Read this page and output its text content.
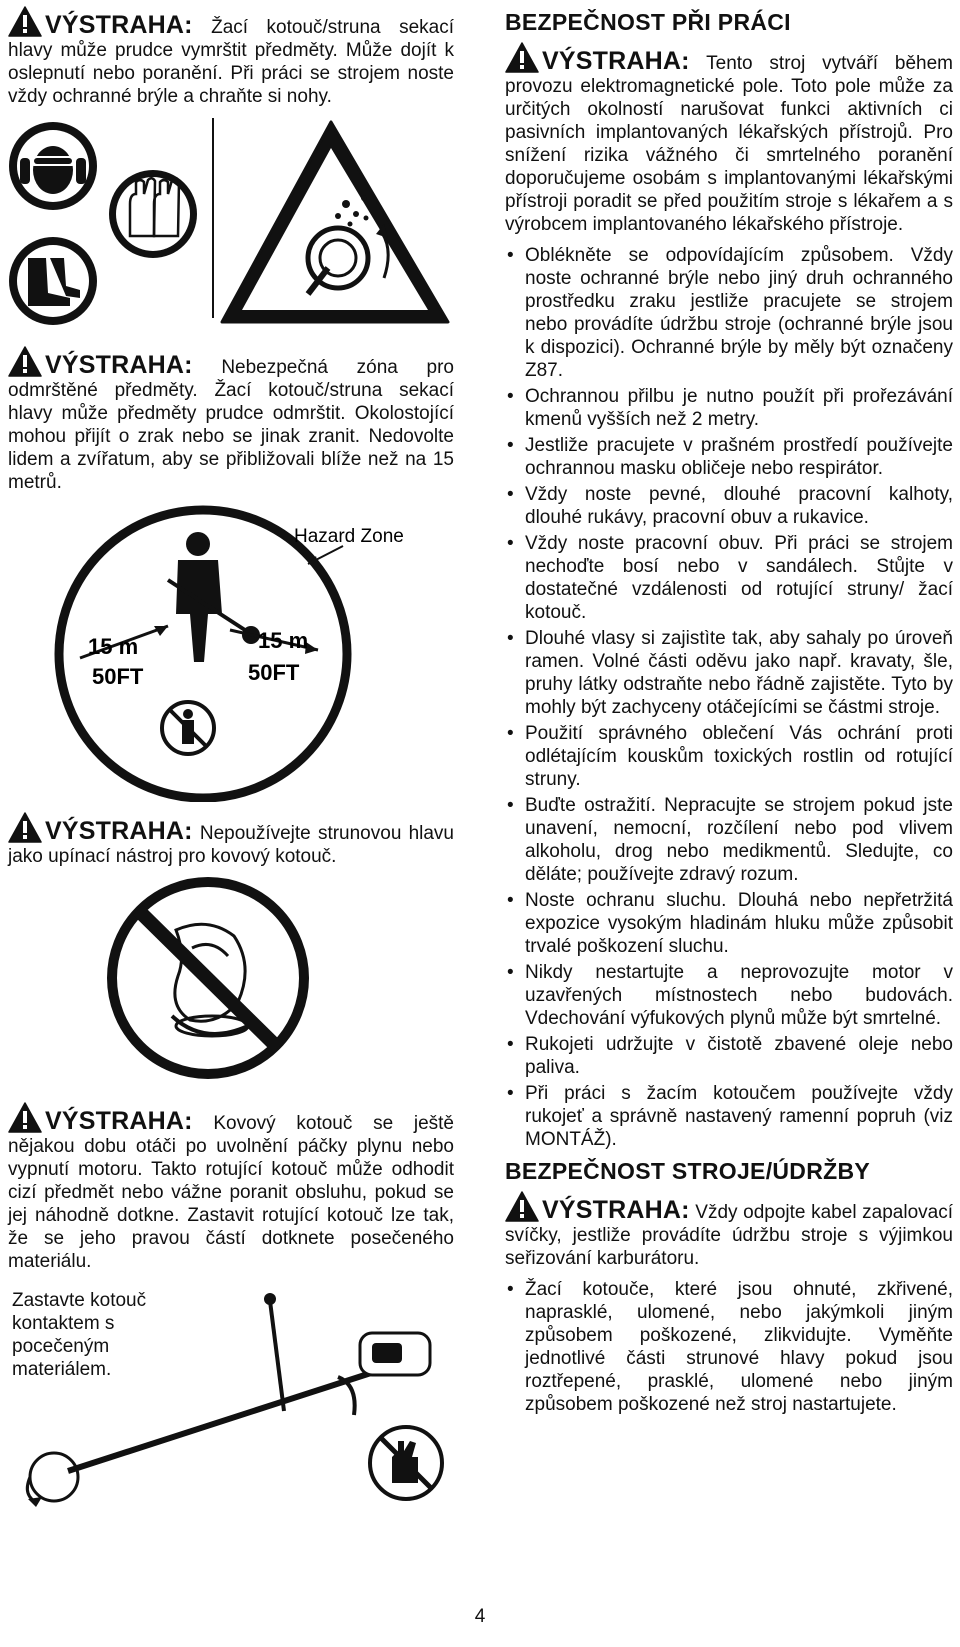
VÝSTRAHA: Žací kotouč/struna sekací hlavy může prudce vymrštit předměty. Může dojít k oslepnutí nebo poranění. Při práci se strojem noste vždy ochranné brýle a chraňte si nohy.

VÝSTRAHA: Nebezpečná zóna pro odmrštěné předměty. Žací kotouč/struna sekací hlavy může předměty prudce odmrštit. Okolostojící mohou přijít o zrak nebo se jinak zranit. Nedovolte lidem a zvířatum, aby se přibližovali blíže než na 15 metrů.

Hazard Zone
15 m
50FT
15 m
50FT

VÝSTRAHA: Nepoužívejte strunovou hlavu jako upínací nástroj pro kovový kotouč.

VÝSTRAHA: Kovový kotouč se ještě nějakou dobu otáči po uvolnění páčky plynu nebo vypnutí motoru. Takto rotující kotouč může odhodit cizí předmět nebo vážne poranit obsluhu, pokud se jej náhodně dotkne. Zastavit rotující kotouč lze tak, že se jeho pravou částí dotknete posečeného materiálu.

Zastavte kotouč
kontaktem s
pocečeným
materiálem.
BEZPEČNOST PŘI PRÁCI

VÝSTRAHA: Tento stroj vytváří během provozu elektromagnetické pole. Toto pole může za určitých okolností narušovat funkci aktivních ci pasivních implantovaných lékařských přístrojů. Pro snížení rizika vážného či smrtelného poranění doporučujeme osobám s implantovanými lékařskými přístroji poradit se před použitím stroje s lékařem a s výrobcem implantovaného lékařského přístroje.

• Oblékněte se odpovídajícím způsobem. Vždy noste ochranné brýle nebo jiný druh ochranného prostředku zraku jestliže pracujete se strojem nebo provádíte údržbu stroje (ochranné brýle jsou k dispozici). Ochranné brýle by měly být označeny Z87.
• Ochrannou přilbu je nutno použít při prořezávání kmenů vyšších než 2 metry.
• Jestliže pracujete v prašném prostředí používejte ochrannou masku obličeje nebo respirátor.
• Vždy noste pevné, dlouhé pracovní kalhoty, dlouhé rukávy, pracovní obuv a rukavice.
• Vždy noste pracovní obuv. Při práci se strojem nechoďte bosí nebo v sandálech. Stůjte v dostatečné vzdálenosti od rotující struny/ žací kotouč.
• Dlouhé vlasy si zajistìte tak, aby sahaly po úroveň ramen. Volné části oděvu jako např. kravaty, šle, pruhy látky odstraňte nebo řádně zajistěte. Tyto by mohly být zachyceny otáčejícími se částmi stroje.
• Použití správného oblečení Vás ochrání proti odlétajícím kouskům toxických rostlin od rotující struny.
• Buďte ostražití. Nepracujte se strojem pokud jste unavení, nemocní, rozčílení nebo pod vlivem alkoholu, drog nebo medikmentů. Sledujte, co děláte; používejte zdravý rozum.
• Noste ochranu sluchu. Dlouhá nebo nepřetržitá expozice vysokým hladinám hluku může způsobit trvalé poškození sluchu.
• Nikdy nestartujte a neprovozujte motor v uzavřených místnostech nebo budovách. Vdechování výfukových plynů může být smrtelné.
• Rukojeti udržujte v čistotě zbavené oleje nebo paliva.
• Při práci s žacím kotoučem používejte vždy rukojeť a správně nastavený ramenní popruh (viz MONTÁŽ).
BEZPEČNOST STROJE/ÚDRŽBY

VÝSTRAHA: Vždy odpojte kabel zapalovací svíčky, jestliže provádíte údržbu stroje s výjimkou seřizování karburátoru.

• Žací kotouče, které jsou ohnuté, zkřivené, naprasklé, ulomené, nebo jakýmkoli jiným způsobem poškozené, zlikvidujte. Vyměňte jednotlivé části strunové hlavy pokud jsou roztřepené, prasklé, ulomené nebo jiným způsobem poškozené než stroj nastartujete.
4
